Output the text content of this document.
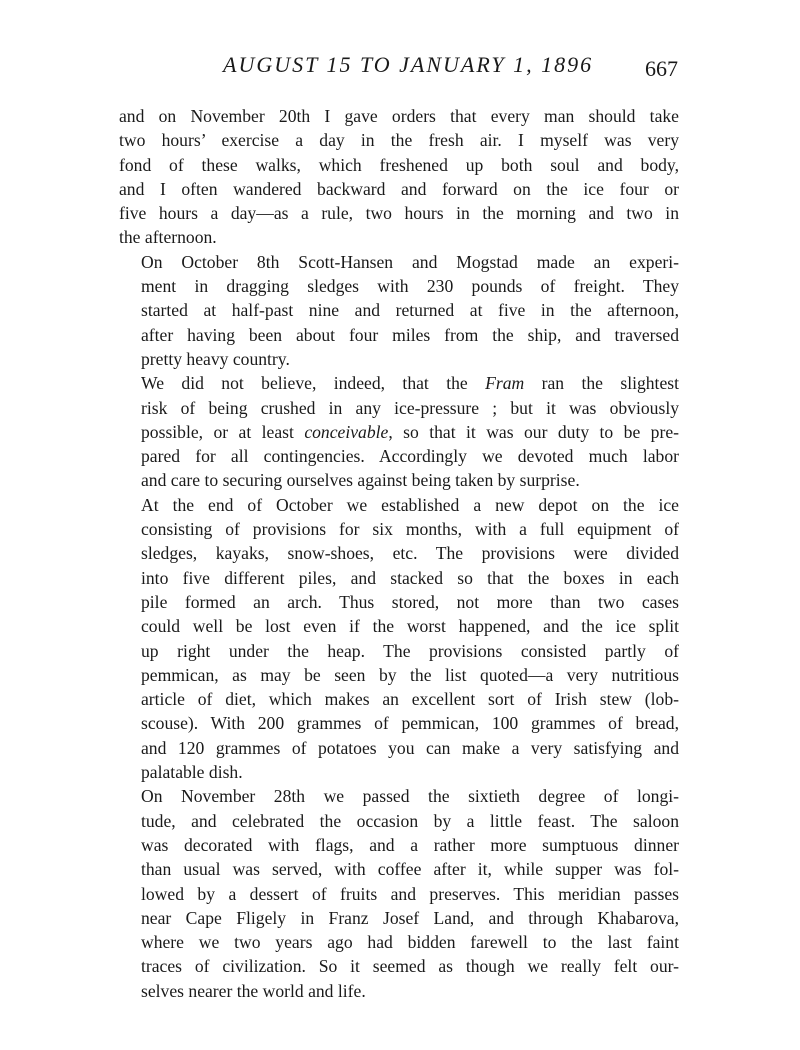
AUGUST 15 TO JANUARY 1, 1896 667

and on November 20th I gave orders that every man should take
two hours’ exercise a day in the fresh air. I myself was very
fond of these walks, which freshened up both soul and body,
and I often wandered backward and forward on the ice four or
five hours a day—as a rule, two hours in the morning and two in
the afternoon.

On October 8th Scott-Hansen and Mogstad made an experi-
ment in dragging sledges with 230 pounds of freight. They
started at half-past nine and returned at five in the afternoon,
after having been about four miles from the ship, and traversed
pretty heavy country.

We did not believe, indeed, that the Fram ran the slightest
risk of being crushed in any ice-pressure ; but it was obviously
possible, or at least conceivable, so that it was our duty to be pre-
pared for all contingencies. Accordingly we devoted much labor
and care to securing ourselves against being taken by surprise.

At the end of October we established a new depot on the ice
consisting of provisions for six months, with a full equipment of
sledges, kayaks, snow-shoes, etc. The provisions were divided
into five different piles, and stacked so that the boxes in each
pile formed an arch. Thus stored, not more than two cases
could well be lost even if the worst happened, and the ice split
up right under the heap. The provisions consisted partly of
pemmican, as may be seen by the list quoted—a very nutritious
article of diet, which makes an excellent sort of Irish stew (lob-
scouse). With 200 grammes of pemmican, 100 grammes of bread,
and 120 grammes of potatoes you can make a very satisfying and
palatable dish.

On November 28th we passed the sixtieth degree of longi-
tude, and celebrated the occasion by a little feast. The saloon
was decorated with flags, and a rather more sumptuous dinner
than usual was served, with coffee after it, while supper was fol-
lowed by a dessert of fruits and preserves. This meridian passes
near Cape Fligely in Franz Josef Land, and through Khabarova,
where we two years ago had bidden farewell to the last faint
traces of civilization. So it seemed as though we really felt our-
selves nearer the world and life.
